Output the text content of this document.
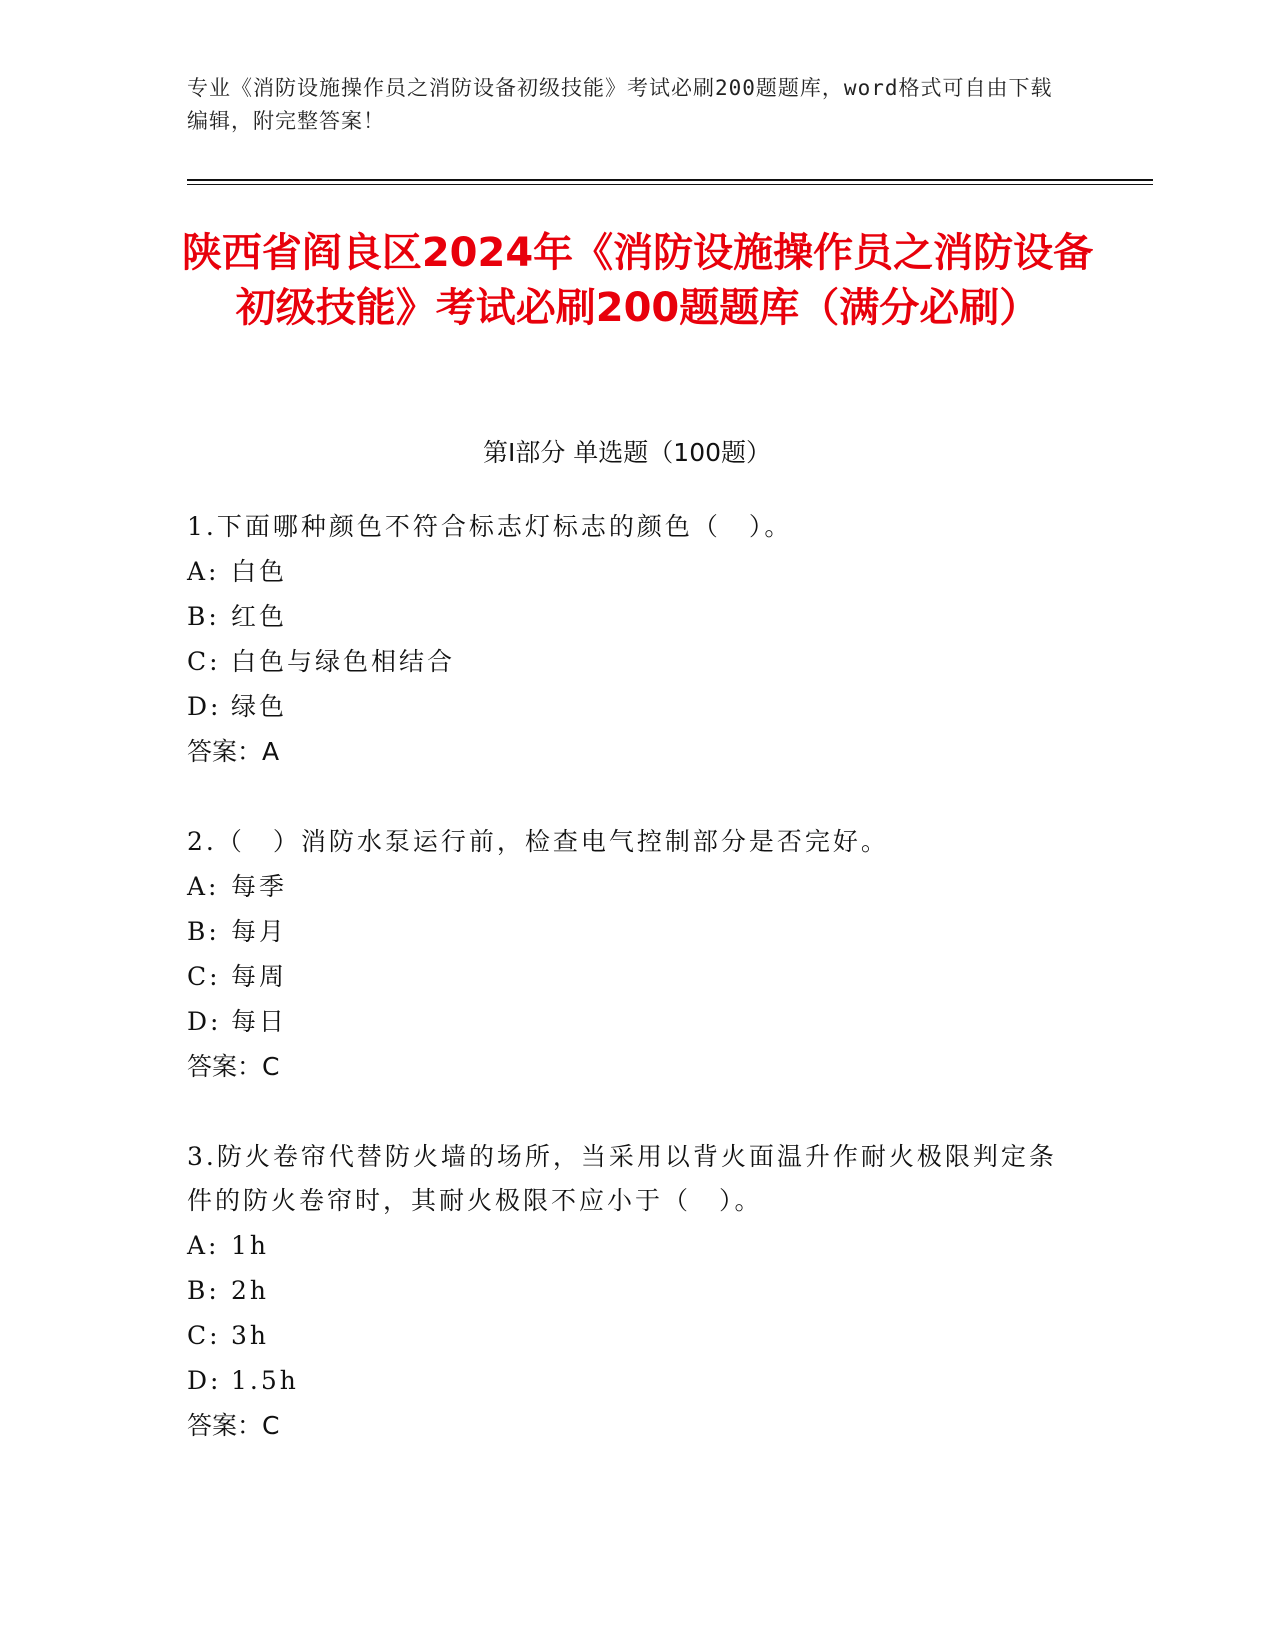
专业《消防设施操作员之消防设备初级技能》考试必刷200题题库，word格式可自由下载编辑，附完整答案！
陕西省阎良区2024年《消防设施操作员之消防设备初级技能》考试必刷200题题库（满分必刷）
第Ⅰ部分 单选题（100题）

1.下面哪种颜色不符合标志灯标志的颜色（　）。

A: 白色

B: 红色

C: 白色与绿色相结合

D: 绿色

答案：A

2.（　）消防水泵运行前，检查电气控制部分是否完好。

A: 每季

B: 每月

C: 每周

D: 每日

答案：C

3.防火卷帘代替防火墙的场所，当采用以背火面温升作耐火极限判定条件的防火卷帘时，其耐火极限不应小于（　）。

A: 1h

B: 2h

C: 3h

D: 1.5h

答案：C
